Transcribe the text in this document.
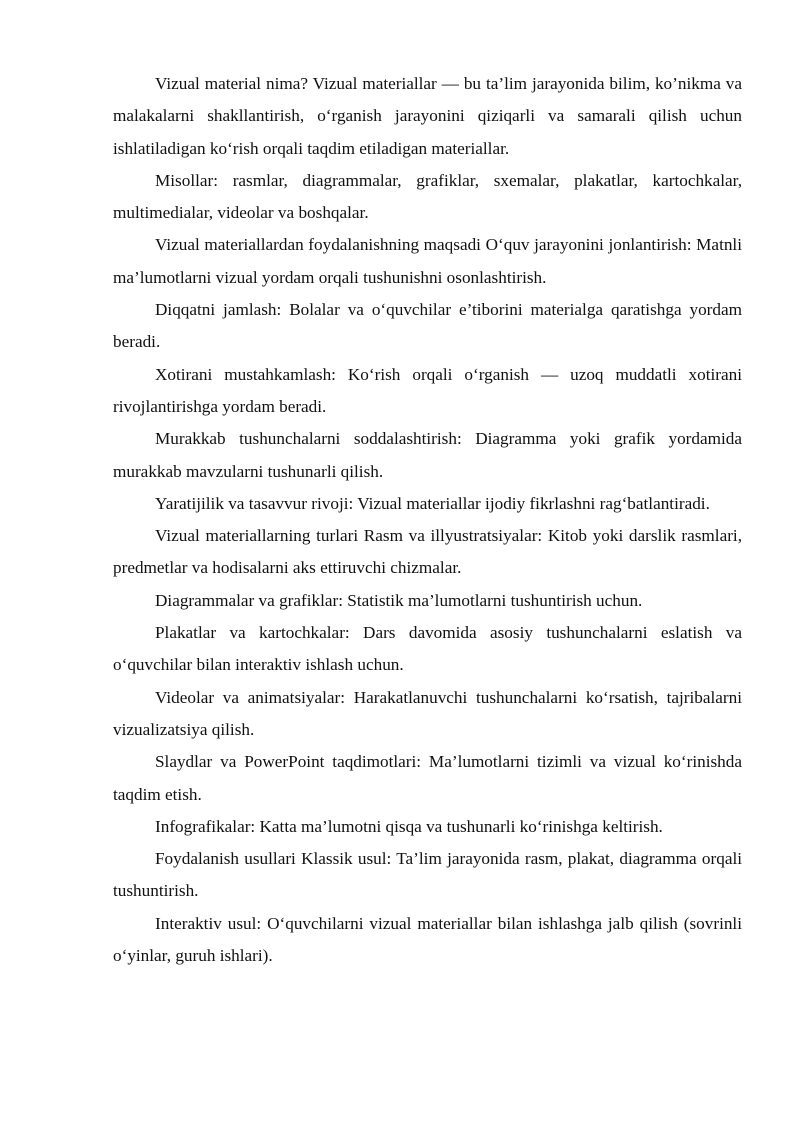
Vizual material nima? Vizual materiallar — bu ta’lim jarayonida bilim, ko’nikma va malakalarni shakllantirish, o‘rganish jarayonini qiziqarli va samarali qilish uchun ishlatiladigan ko‘rish orqali taqdim etiladigan materiallar.

Misollar: rasmlar, diagrammalar, grafiklar, sxemalar, plakatlar, kartochkalar, multimedialar, videolar va boshqalar.

Vizual materiallardan foydalanishning maqsadi O‘quv jarayonini jonlantirish: Matnli ma’lumotlarni vizual yordam orqali tushunishni osonlashtirish.

Diqqatni jamlash: Bolalar va o‘quvchilar e’tiborini materialga qaratishga yordam beradi.

Xotirani mustahkamlash: Ko‘rish orqali o‘rganish — uzoq muddatli xotirani rivojlantirishga yordam beradi.

Murakkab tushunchalarni soddalashtirish: Diagramma yoki grafik yordamida murakkab mavzularni tushunarli qilish.

Yaratijilik va tasavvur rivoji: Vizual materiallar ijodiy fikrlashni rag‘batlantiradi.

Vizual materiallarning turlari Rasm va illyustratsiyalar: Kitob yoki darslik rasmlari, predmetlar va hodisalarni aks ettiruvchi chizmalar.

Diagrammalar va grafiklar: Statistik ma’lumotlarni tushuntirish uchun.

Plakatlar va kartochkalar: Dars davomida asosiy tushunchalarni eslatish va o‘quvchilar bilan interaktiv ishlash uchun.

Videolar va animatsiyalar: Harakatlanuvchi tushunchalarni ko‘rsatish, tajribalarni vizualizatsiya qilish.

Slaydlar va PowerPoint taqdimotlari: Ma’lumotlarni tizimli va vizual ko‘rinishda taqdim etish.

Infografikalar: Katta ma’lumotni qisqa va tushunarli ko‘rinishga keltirish.

Foydalanish usullari Klassik usul: Ta’lim jarayonida rasm, plakat, diagramma orqali tushuntirish.

Interaktiv usul: O‘quvchilarni vizual materiallar bilan ishlashga jalb qilish (sovrinli o‘yinlar, guruh ishlari).
